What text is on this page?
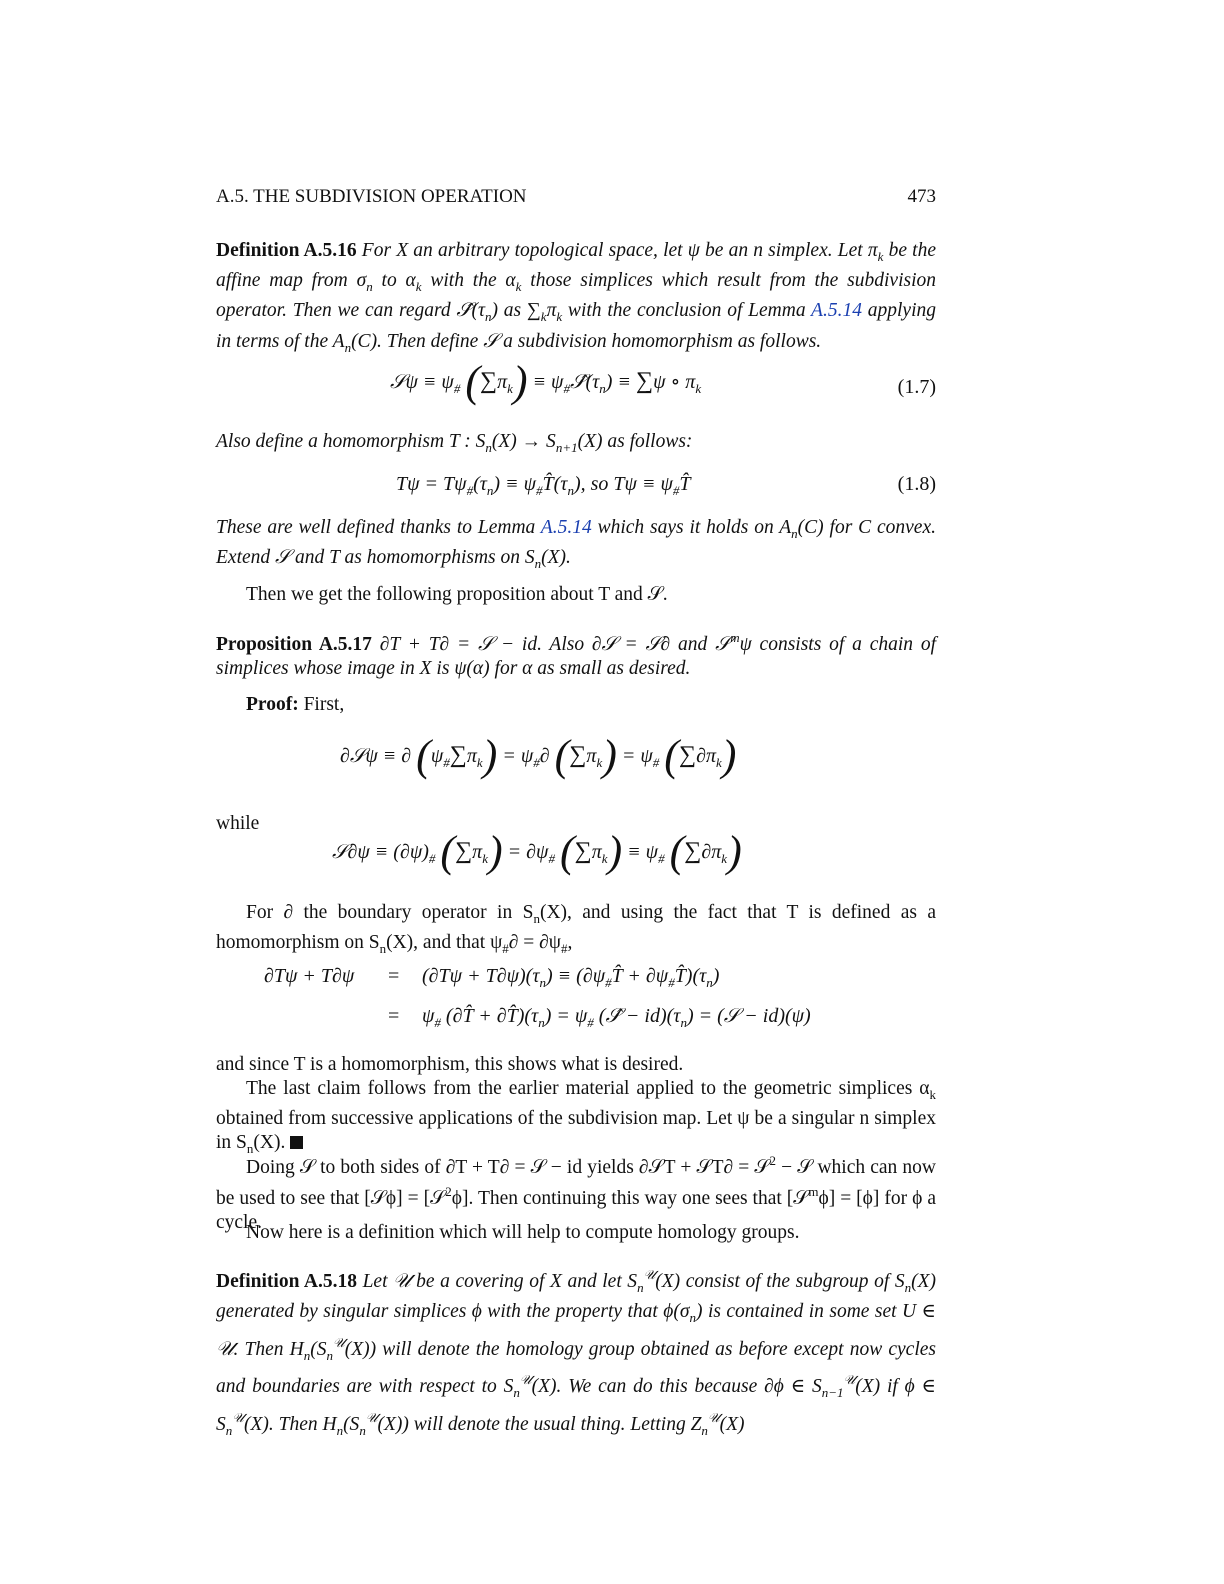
A.5. THE SUBDIVISION OPERATION	473

Definition A.5.16 For X an arbitrary topological space, let ψ be an n simplex. Let $\pi_k$ be the affine map from $\sigma_n$ to $\alpha_k$ with the $\alpha_k$ those simplices which result from the subdivision operator. Then we can regard $𝒮̂(\tau_n)$ as $\sum_k\pi_k$ with the conclusion of Lemma A.5.14 applying in terms of the $A_n(C)$. Then define 𝒮 a subdivision homomorphism as follows.

𝒮ψ ≡ $\psi_{\#}$ $(\sum\pi_k)$ ≡ $\psi_{\#}𝒮̂(\tau_n) \equiv \sum\psi$ ∘ $\pi_k$	(1.7)

Also define a homomorphism T : $S_n(X) \to S_{n+1}(X)$ as follows:

$T\psi = T\psi_{\#}(\tau_n)$ ≡ $\psi_{\#}T̂(\tau_n)$, so $T\psi \equiv \psi_{\#}T̂$	(1.8)

These are well defined thanks to Lemma A.5.14 which says it holds on $A_n(C)$ for C convex. Extend 𝒮 and T as homomorphisms on $S_n(X)$.

Then we get the following proposition about T and 𝒮.

Proposition A.5.17 ∂T + T∂ = 𝒮 − id. Also ∂𝒮 = 𝒮∂ and 𝒮$^m$ψ consists of a chain of simplices whose image in X is ψ(α) for α as small as desired.

Proof: First,

∂𝒮ψ ≡ ∂ $(\psi_{\#}\sum\pi_k) = \psi_{\#}\partial$ $(\sum\pi_k) = \psi_{\#}$ $(\sum\partial\pi_k)$

while

𝒮∂ψ ≡ $(\partial\psi)_{\#}$ $(\sum\pi_k) = \partial\psi_{\#}$ $(\sum\pi_k) \equiv \psi_{\#}$ $(\sum\partial\pi_k)$

For ∂ the boundary operator in $S_n(X)$, and using the fact that T is defined as a homomorphism on $S_n(X)$, and that $\psi_{\#}\partial = \partial\psi_{\#}$,

$\partial T\psi + T\partial\psi = (\partial T\psi + T\partial\psi)(\tau_n)$ ≡ ($\partial\psi_{\#}T̂$ + $\partial\psi_{\#}T̂)(\tau_n)$
= $\psi_{\#}$ (∂T̂ + $\partial T̂)(\tau_n) = \psi_{\#}$ (𝒮̂ − $id)(\tau_n)$ = (𝒮 − id)(ψ)

and since T is a homomorphism, this shows what is desired.

The last claim follows from the earlier material applied to the geometric simplices $\alpha_k$ obtained from successive applications of the subdivision map. Let ψ be a singular n simplex in $S_n(X)$.

Doing 𝒮 to both sides of ∂T + T∂ = 𝒮 − id yields ∂𝒮T + 𝒮T∂ = 𝒮$^2$ − 𝒮 which can now be used to see that [𝒮ϕ] = [𝒮$^2$ϕ]. Then continuing this way one sees that [𝒮$^m$ϕ] = [ϕ] for ϕ a cycle.

Now here is a definition which will help to compute homology groups.

Definition A.5.18 Let 𝒰 be a covering of X and let $S_n^𝒰(X)$ consist of the subgroup of $S_n(X)$ generated by singular simplices ϕ with the property that $\phi(\sigma_n)$ is contained in some set U ∈ 𝒰. Then $H_n(S_n^𝒰(X))$ will denote the homology group obtained as before except now cycles and boundaries are with respect to $S_n^𝒰(X)$. We can do this because ∂ϕ ∈ $S_{n-1}^𝒰(X)$ if ϕ ∈ $S_n^𝒰(X)$. Then $H_n(S_n^𝒰(X))$ will denote the usual thing. Letting $Z_n^𝒰(X)$
